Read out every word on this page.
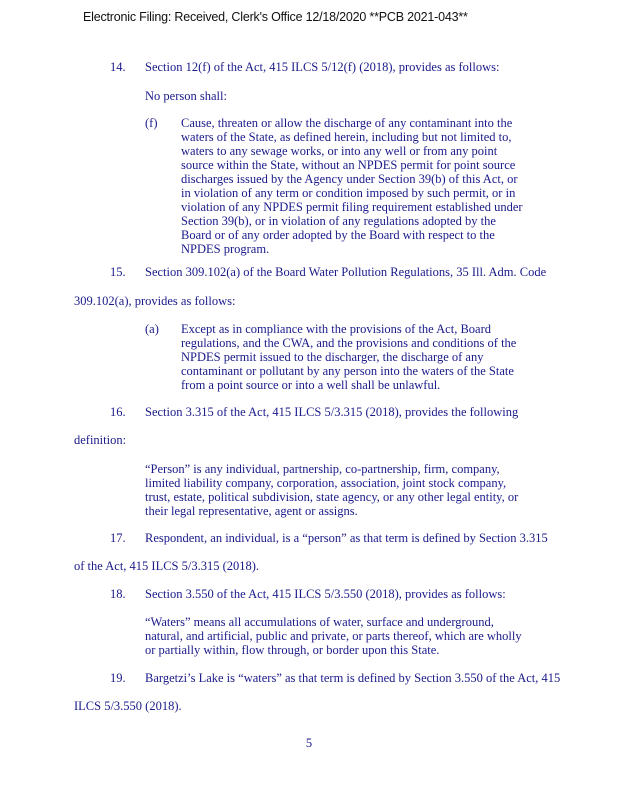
Electronic Filing: Received, Clerk's Office 12/18/2020 **PCB 2021-043**
14. Section 12(f) of the Act, 415 ILCS 5/12(f) (2018), provides as follows:
No person shall:
(f) Cause, threaten or allow the discharge of any contaminant into the
waters of the State, as defined herein, including but not limited to,
waters to any sewage works, or into any well or from any point
source within the State, without an NPDES permit for point source
discharges issued by the Agency under Section 39(b) of this Act, or
in violation of any term or condition imposed by such permit, or in
violation of any NPDES permit filing requirement established under
Section 39(b), or in violation of any regulations adopted by the
Board or of any order adopted by the Board with respect to the
NPDES program.
15. Section 309.102(a) of the Board Water Pollution Regulations, 35 Ill. Adm. Code
309.102(a), provides as follows:
(a) Except as in compliance with the provisions of the Act, Board
regulations, and the CWA, and the provisions and conditions of the
NPDES permit issued to the discharger, the discharge of any
contaminant or pollutant by any person into the waters of the State
from a point source or into a well shall be unlawful.
16. Section 3.315 of the Act, 415 ILCS 5/3.315 (2018), provides the following
definition:
“Person” is any individual, partnership, co-partnership, firm, company,
limited liability company, corporation, association, joint stock company,
trust, estate, political subdivision, state agency, or any other legal entity, or
their legal representative, agent or assigns.
17. Respondent, an individual, is a “person” as that term is defined by Section 3.315
of the Act, 415 ILCS 5/3.315 (2018).
18. Section 3.550 of the Act, 415 ILCS 5/3.550 (2018), provides as follows:
“Waters” means all accumulations of water, surface and underground,
natural, and artificial, public and private, or parts thereof, which are wholly
or partially within, flow through, or border upon this State.
19. Bargetzi’s Lake is “waters” as that term is defined by Section 3.550 of the Act, 415
ILCS 5/3.550 (2018).
5
